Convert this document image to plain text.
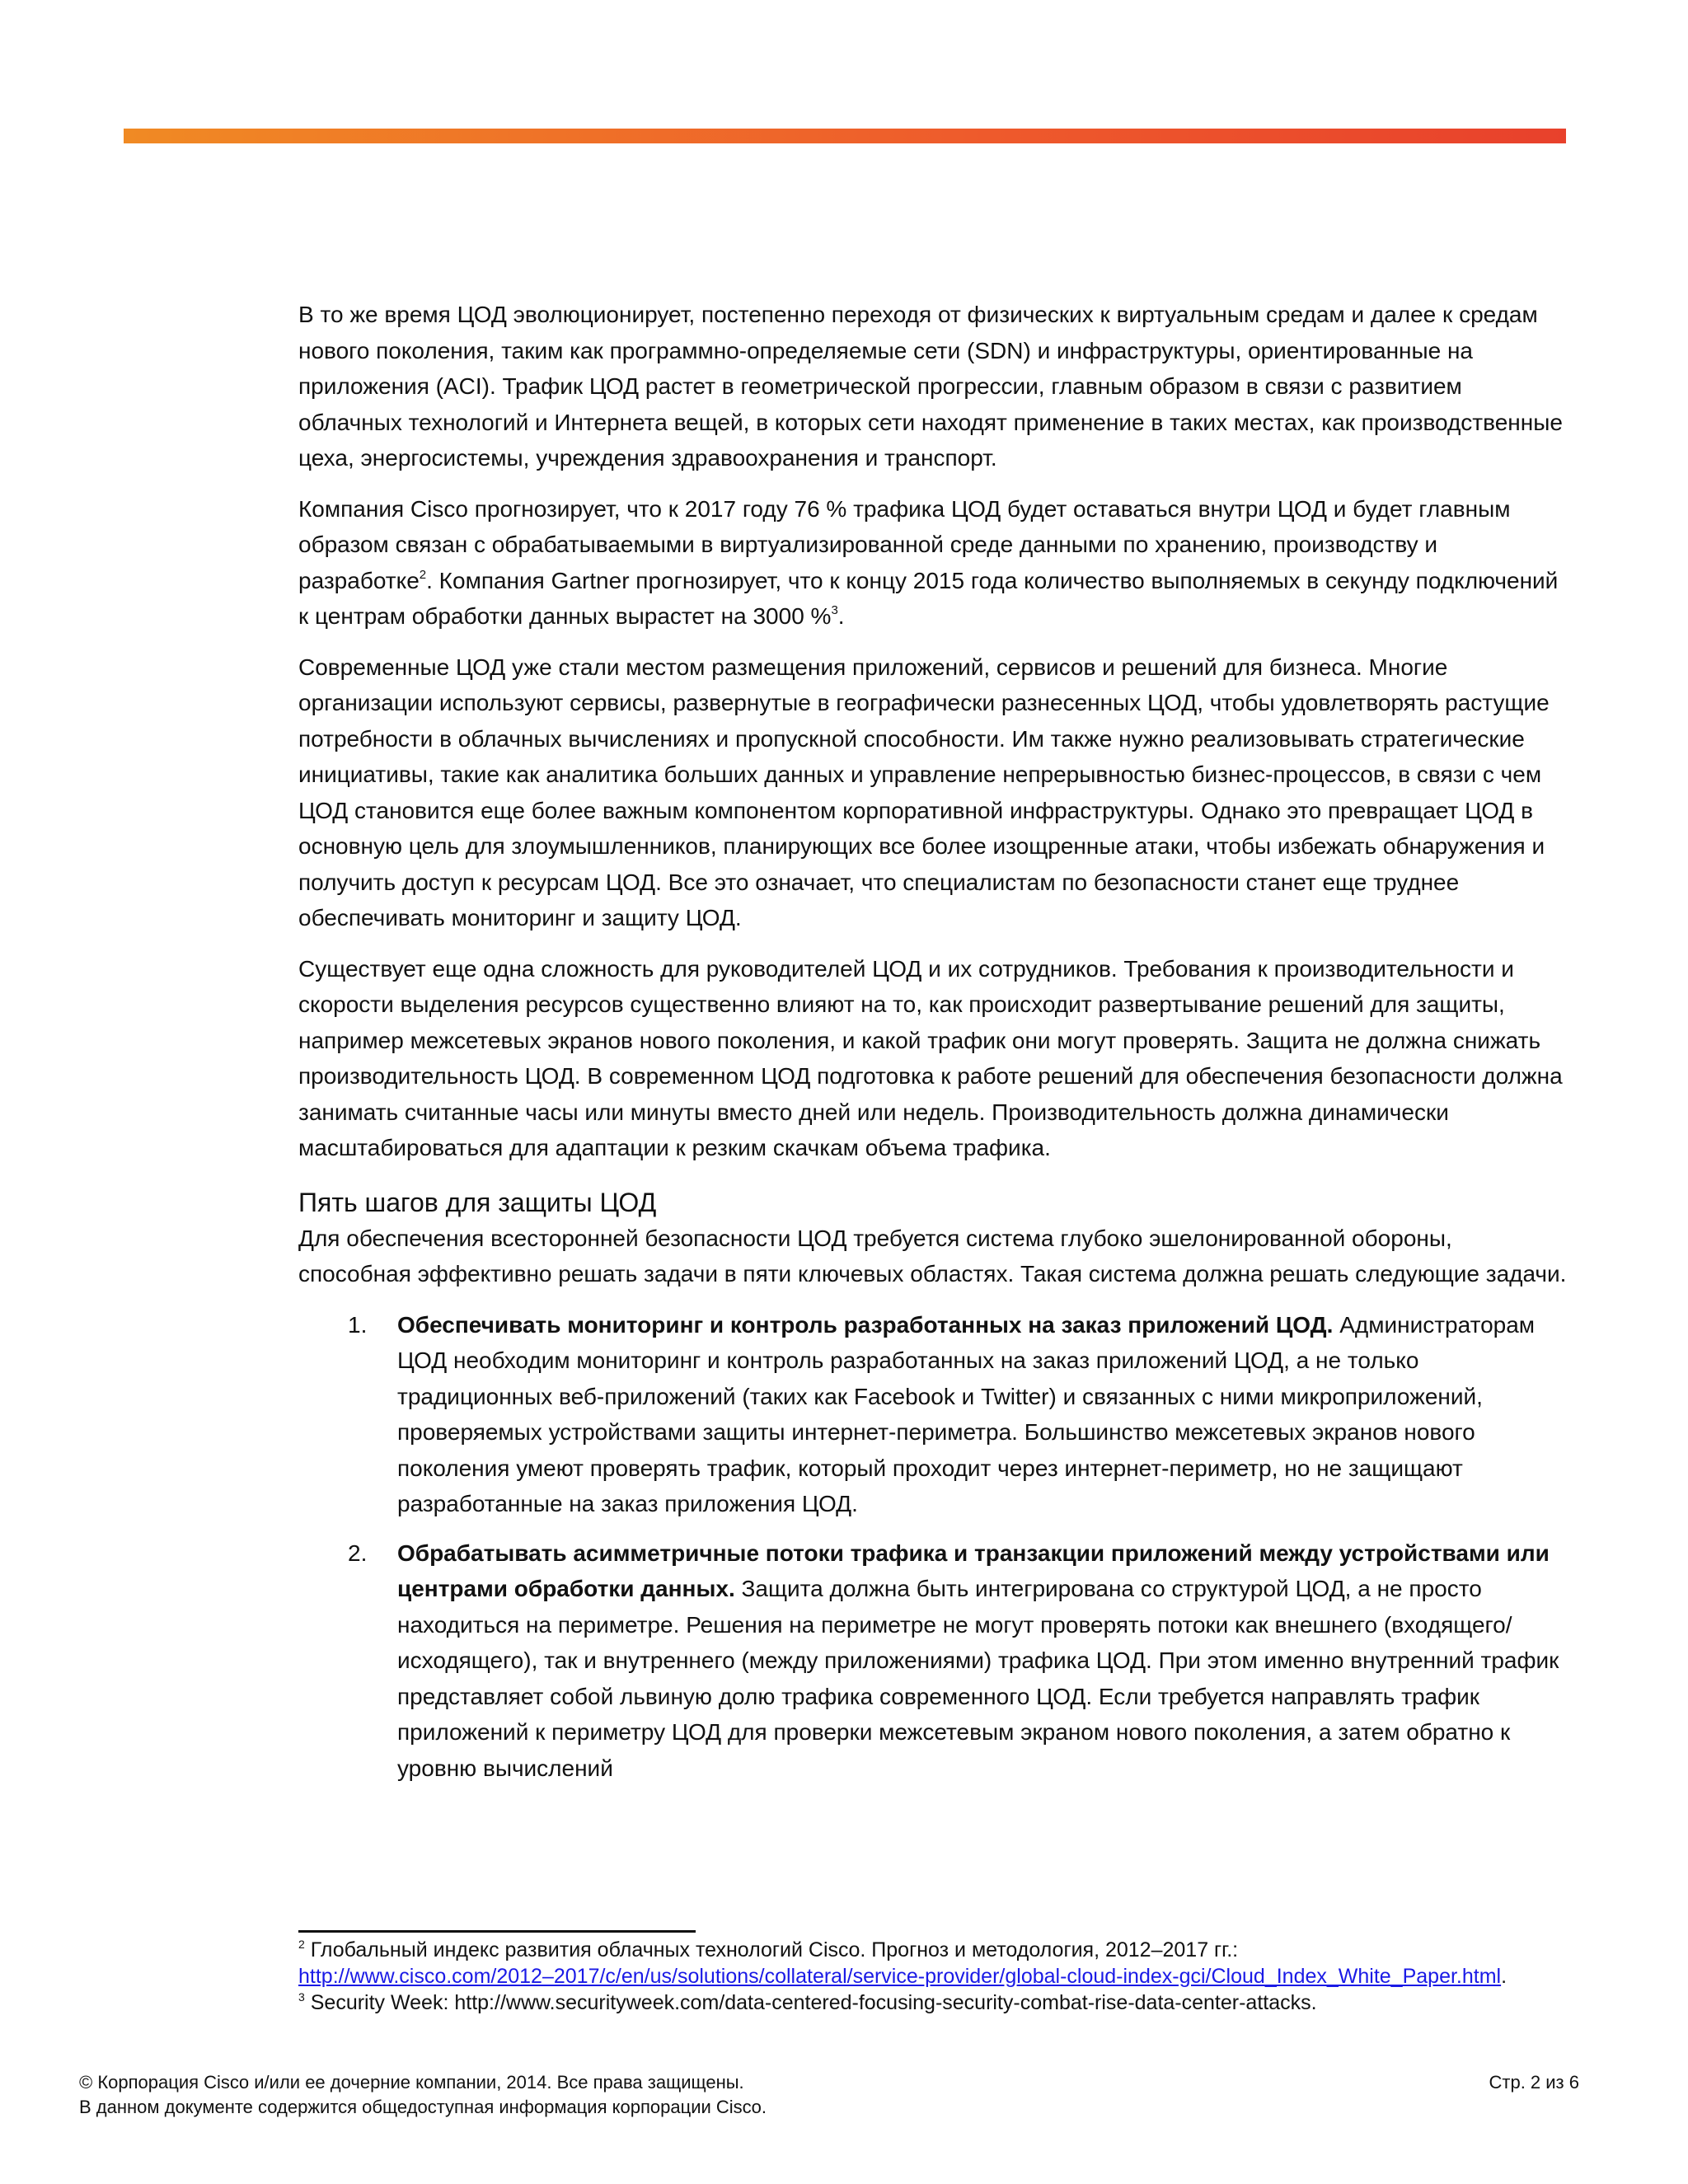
В то же время ЦОД эволюционирует, постепенно переходя от физических к виртуальным средам и далее к средам нового поколения, таким как программно-определяемые сети (SDN) и инфраструктуры, ориентированные на приложения (ACI). Трафик ЦОД растет в геометрической прогрессии, главным образом в связи с развитием облачных технологий и Интернета вещей, в которых сети находят применение в таких местах, как производственные цеха, энергосистемы, учреждения здравоохранения и транспорт.

Компания Cisco прогнозирует, что к 2017 году 76 % трафика ЦОД будет оставаться внутри ЦОД и будет главным образом связан с обрабатываемыми в виртуализированной среде данными по хранению, производству и разработке$^2$. Компания Gartner прогнозирует, что к концу 2015 года количество выполняемых в секунду подключений к центрам обработки данных вырастет на 3000 %$^3$.

Современные ЦОД уже стали местом размещения приложений, сервисов и решений для бизнеса. Многие организации используют сервисы, развернутые в географически разнесенных ЦОД, чтобы удовлетворять растущие потребности в облачных вычислениях и пропускной способности. Им также нужно реализовывать стратегические инициативы, такие как аналитика больших данных и управление непрерывностью бизнес-процессов, в связи с чем ЦОД становится еще более важным компонентом корпоративной инфраструктуры. Однако это превращает ЦОД в основную цель для злоумышленников, планирующих все более изощренные атаки, чтобы избежать обнаружения и получить доступ к ресурсам ЦОД. Все это означает, что специалистам по безопасности станет еще труднее обеспечивать мониторинг и защиту ЦОД.

Существует еще одна сложность для руководителей ЦОД и их сотрудников. Требования к производительности и скорости выделения ресурсов существенно влияют на то, как происходит развертывание решений для защиты, например межсетевых экранов нового поколения, и какой трафик они могут проверять. Защита не должна снижать производительность ЦОД. В современном ЦОД подготовка к работе решений для обеспечения безопасности должна занимать считанные часы или минуты вместо дней или недель. Производительность должна динамически масштабироваться для адаптации к резким скачкам объема трафика.

Пять шагов для защиты ЦОД

Для обеспечения всесторонней безопасности ЦОД требуется система глубоко эшелонированной обороны, способная эффективно решать задачи в пяти ключевых областях. Такая система должна решать следующие задачи.

1. Обеспечивать мониторинг и контроль разработанных на заказ приложений ЦОД. Администраторам ЦОД необходим мониторинг и контроль разработанных на заказ приложений ЦОД, а не только традиционных веб-приложений (таких как Facebook и Twitter) и связанных с ними микроприложений, проверяемых устройствами защиты интернет-периметра. Большинство межсетевых экранов нового поколения умеют проверять трафик, который проходит через интернет-периметр, но не защищают разработанные на заказ приложения ЦОД.
2. Обрабатывать асимметричные потоки трафика и транзакции приложений между устройствами или центрами обработки данных. Защита должна быть интегрирована со структурой ЦОД, а не просто находиться на периметре. Решения на периметре не могут проверять потоки как внешнего (входящего/исходящего), так и внутреннего (между приложениями) трафика ЦОД. При этом именно внутренний трафик представляет собой львиную долю трафика современного ЦОД. Если требуется направлять трафик приложений к периметру ЦОД для проверки межсетевым экраном нового поколения, а затем обратно к уровню вычислений
$^2$ Глобальный индекс развития облачных технологий Cisco. Прогноз и методология, 2012–2017 гг.:
http://www.cisco.com/2012–2017/c/en/us/solutions/collateral/service-provider/global-cloud-index-gci/Cloud_Index_White_Paper.html.
$^3$ Security Week: http://www.securityweek.com/data-centered-focusing-security-combat-rise-data-center-attacks.
© Корпорация Cisco и/или ее дочерние компании, 2014. Все права защищены.
В данном документе содержится общедоступная информация корпорации Cisco.
Стр. 2 из 6
